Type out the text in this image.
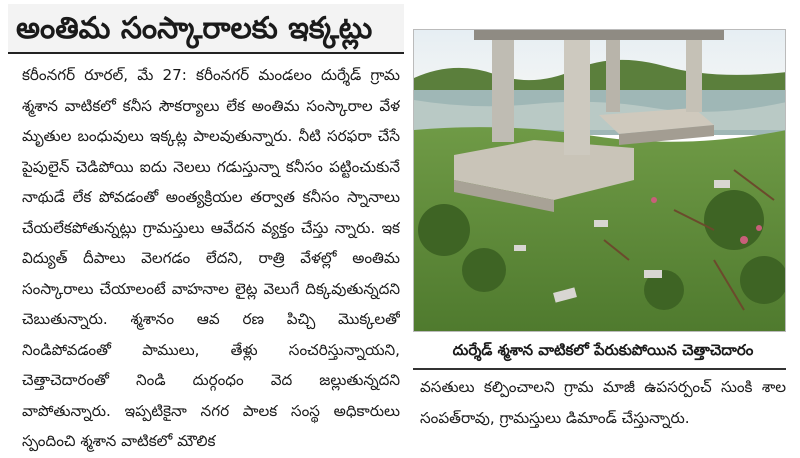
అంతిమ సంస్కారాలకు ఇక్కట్లు

కరీంనగర్ రూరల్, మే 27: కరీంనగర్ మండలం దుర్శేడ్ గ్రామ శ్మశాన వాటికలో కనీస సౌకర్యాలు లేక అంతిమ సంస్కారాల వేళ మృతుల బంధువులు ఇక్కట్ల పాలవుతున్నారు. నీటి సరఫరా చేసే పైపులైన్ చెడిపోయి ఐదు నెలలు గడుస్తున్నా కనీసం పట్టించుకునే నాథుడే లేక పోవడంతో అంత్యక్రియల తర్వాత కనీసం స్నానాలు చేయలేకపోతున్నట్లు గ్రామస్తులు ఆవేదన వ్యక్తం చేస్తు న్నారు. ఇక విద్యుత్ దీపాలు వెలగడం లేదని, రాత్రి వేళల్లో అంతిమ సంస్కారాలు చేయాలంటే వాహనాల లైట్ల వెలుగే దిక్కవుతున్నదని చెబుతున్నారు. శ్మశానం ఆవ రణ పిచ్చి మొక్కలతో నిండిపోవడంతో పాములు, తేళ్లు సంచరిస్తున్నాయని, చెత్తాచెదారంతో నిండి దుర్గంధం వెద జల్లుతున్నదని వాపోతున్నారు. ఇప్పటికైనా నగర పాలక సంస్థ అధికారులు స్పందించి శ్మశాన వాటికలో మౌలిక

దుర్శేడ్ శ్మశాన వాటికలో పేరుకుపోయిన చెత్తాచెదారం

వసతులు కల్పించాలని గ్రామ మాజీ ఉపసర్పంచ్ సుంకి శాల సంపత్‌రావు, గ్రామస్తులు డిమాండ్ చేస్తున్నారు.
